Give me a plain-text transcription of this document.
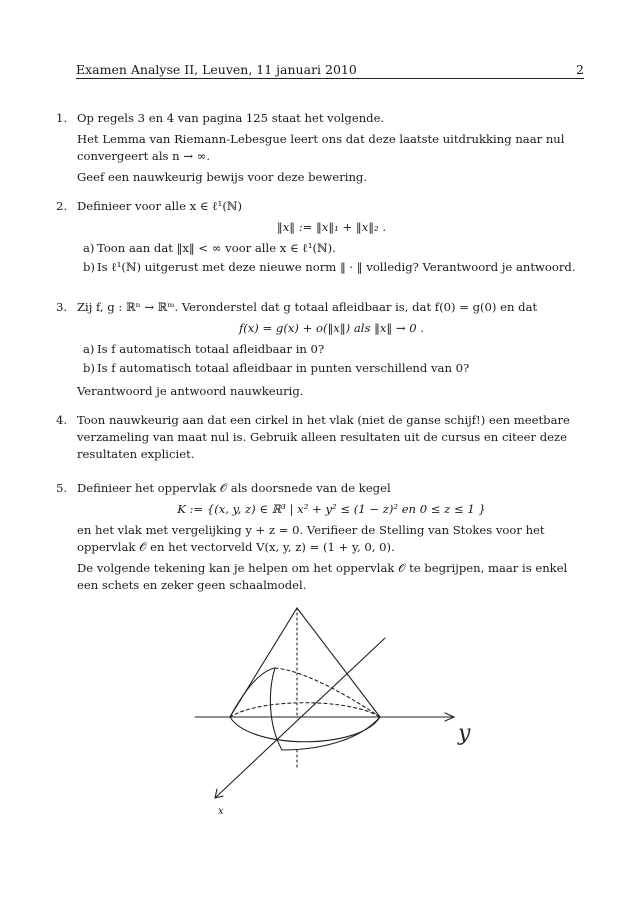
Examen Analyse II, Leuven, 11 januari 2010	2
1. Op regels 3 en 4 van pagina 125 staat het volgende.

Het Lemma van Riemann-Lebesgue leert ons dat deze laatste uitdrukking naar nul convergeert als n → ∞.

Geef een nauwkeurig bewijs voor deze bewering.

2. Definieer voor alle x ∈ ℓ¹(ℕ)

‖x‖ := ‖x‖₁ + ‖x‖₂ .
a) Toon aan dat ‖x‖ < ∞ voor alle x ∈ ℓ¹(ℕ).
b) Is ℓ¹(ℕ) uitgerust met deze nieuwe norm ‖ · ‖ volledig? Verantwoord je antwoord.
3. Zij f, g : ℝⁿ → ℝᵐ. Veronderstel dat g totaal afleidbaar is, dat f(0) = g(0) en dat

f(x) = g(x) + o(‖x‖) als ‖x‖ → 0 .
a) Is f automatisch totaal afleidbaar in 0?
b) Is f automatisch totaal afleidbaar in punten verschillend van 0?

Verantwoord je antwoord nauwkeurig.

4. Toon nauwkeurig aan dat een cirkel in het vlak (niet de ganse schijf!) een meetbare verzameling van maat nul is. Gebruik alleen resultaten uit de cursus en citeer deze resultaten expliciet.

5. Definieer het oppervlak 𝒪 als doorsnede van de kegel

K := {(x, y, z) ∈ ℝ³ | x² + y² ≤ (1 − z)² en 0 ≤ z ≤ 1 }

en het vlak met vergelijking y + z = 0. Verifieer de Stelling van Stokes voor het oppervlak 𝒪 en het vectorveld V(x, y, z) = (1 + y, 0, 0).

De volgende tekening kan je helpen om het oppervlak 𝒪 te begrijpen, maar is enkel een schets en zeker geen schaalmodel.

y
x
